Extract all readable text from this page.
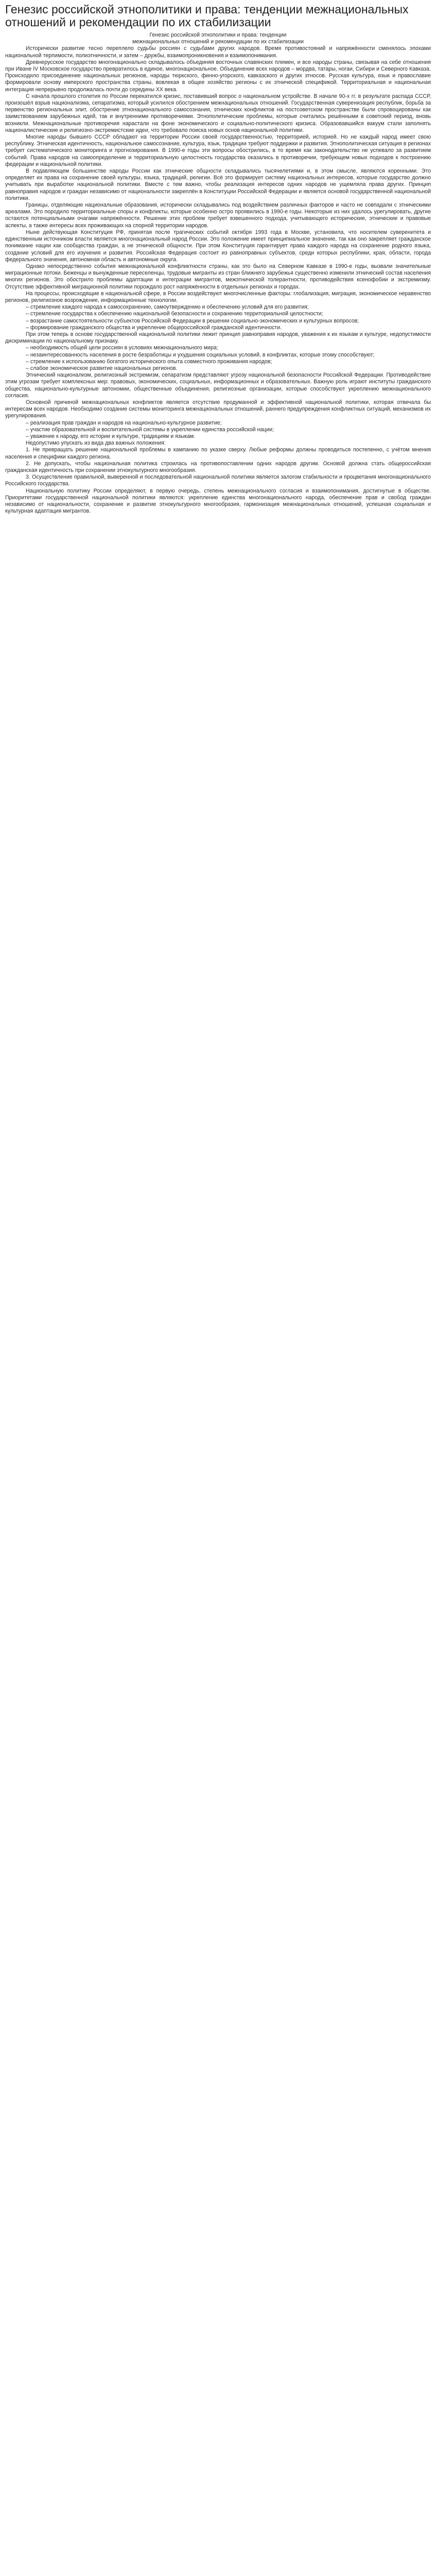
Генезис российской этнополитики и права: тенденции межнациональных отношений и рекомендации по их стабилизации
Генезис российской этнополитики и права: тенденции
межнациональных отношений и рекомендации по их стабилизации

Исторически развитие тесно переплело судьбы россиян с судьбами других народов. Время противостояний и напряжённости сменялось эпохами национальной терпимости, полиэтничности, и затем – дружбы, взаимопроникновения и взаимопонимания.

Древнерусское государство многонационально складывалось объединяя восточных славянских племен, и все народы страны, связывая на себе отношения при Иване IV Московское государство превратилось в единое, многонациональное. Объединение всех народов – мордва, татары, ногаи, Сибири и Северного Кавказа. Происходило присоединение национальных регионов, народы тюркского, финно-угорского, кавказского и других этносов. Русская культура, язык и православие формировали основу имперского пространства страны, вовлекая в общее хозяйство регионы с их этнической спецификой. Территориальная и национальная интеграция непрерывно продолжалась почти до середины XX века.

С начала прошлого столетия по России перекатился кризис, поставивший вопрос о национальном устройстве. В начале 90-х гг. в результате распада СССР, произошёл взрыв национализма, сепаратизма, который усилился обострением межнациональных отношений. Государственная суверенизация республик, борьба за первенство региональных элит, обострение этнонационального самосознания, этнических конфликтов на постсоветском пространстве были спровоцированы как заимствованием зарубежных идей, так и внутренними противоречиями. Этнополитические проблемы, которые считались решёнными в советский период, вновь возникли. Межнациональные противоречия нарастали на фоне экономического и социально-политического кризиса. Образовавшийся вакуум стали заполнять националистические и религиозно-экстремистские идеи, что требовало поиска новых основ национальной политики.

Многие народы бывшего СССР обладают на территории России своей государственностью, территорией, историей. Но не каждый народ имеет свою республику. Этническая идентичность, национальное самосознание, культура, язык, традиции требуют поддержки и развития. Этнополитическая ситуация в регионах требует систематического мониторинга и прогнозирования. В 1990-е годы эти вопросы обострились, в то время как законодательство не успевало за развитием событий. Права народов на самоопределение и территориальную целостность государства оказались в противоречии, требующем новых подходов к построению федерации и национальной политики.

В подавляющем большинстве народы России как этнические общности складывались тысячелетиями и, в этом смысле, являются коренными. Это определяет их права на сохранение своей культуры, языка, традиций, религии. Всё это формирует систему национальных интересов, которые государство должно учитывать при выработке национальной политики. Вместе с тем важно, чтобы реализация интересов одних народов не ущемляла права других. Принцип равноправия народов и граждан независимо от национальности закреплён в Конституции Российской Федерации и является основой государственной национальной политики.

Границы, отделяющие национальные образования, исторически складывались под воздействием различных факторов и часто не совпадали с этническими ареалами. Это породило территориальные споры и конфликты, которые особенно остро проявились в 1990-е годы. Некоторые из них удалось урегулировать, другие остаются потенциальными очагами напряжённости. Решение этих проблем требует взвешенного подхода, учитывающего исторические, этнические и правовые аспекты, а также интересы всех проживающих на спорной территории народов.

Ныне действующая Конституция РФ, принятая после трагических событий октября 1993 года в Москве, установила, что носителем суверенитета и единственным источником власти является многонациональный народ России. Это положение имеет принципиальное значение, так как оно закрепляет гражданское понимание нации как сообщества граждан, а не этнической общности. При этом Конституция гарантирует права каждого народа на сохранение родного языка, создание условий для его изучения и развития. Российская Федерация состоит из равноправных субъектов, среди которых республики, края, области, города федерального значения, автономная область и автономные округа.

Однако непосредственно события межнациональной конфликтности страны, как это было на Северном Кавказе в 1990-е годы, вызвали значительные миграционные потоки. Беженцы и вынужденные переселенцы, трудовые мигранты из стран ближнего зарубежья существенно изменили этнический состав населения многих регионов. Это обострило проблемы адаптации и интеграции мигрантов, межэтнической толерантности, противодействия ксенофобии и экстремизму. Отсутствие эффективной миграционной политики порождало рост напряжённости в отдельных регионах и городах.

На процессы, происходящие в национальной сфере, в России воздействуют многочисленные факторы: глобализация, миграция, экономическое неравенство регионов, религиозное возрождение, информационные технологии.

– стремление каждого народа к самосохранению, самоутверждению и обеспечению условий для его развития;

– стремление государства к обеспечению национальной безопасности и сохранению территориальной целостности;

– возрастание самостоятельности субъектов Российской Федерации в решении социально-экономических и культурных вопросов;

– формирование гражданского общества и укрепление общероссийской гражданской идентичности.

При этом теперь в основе государственной национальной политики лежит принцип равноправия народов, уважения к их языкам и культуре, недопустимости дискриминации по национальному признаку.

– необходимость общей цели россиян в условиях межнационального мира;

– незаинтересованность населения в росте безработицы и ухудшения социальных условий, в конфликтах, которые этому способствуют;

– стремление к использованию богатого исторического опыта совместного проживания народов;

– слабое экономическое развитие национальных регионов.

Этнический национализм, религиозный экстремизм, сепаратизм представляют угрозу национальной безопасности Российской Федерации. Противодействие этим угрозам требует комплексных мер: правовых, экономических, социальных, информационных и образовательных. Важную роль играют институты гражданского общества, национально-культурные автономии, общественные объединения, религиозные организации, которые способствуют укреплению межнационального согласия.

Основной причиной межнациональных конфликтов является отсутствие продуманной и эффективной национальной политики, которая отвечала бы интересам всех народов. Необходимо создание системы мониторинга межнациональных отношений, раннего предупреждения конфликтных ситуаций, механизмов их урегулирования.

– реализация прав граждан и народов на национально-культурное развитие;

– участие образовательной и воспитательной системы в укреплении единства российской нации;

– уважение к народу, его истории и культуре, традициям и языкам.

Недопустимо упускать из вида два важных положения:

1. Не превращать решение национальной проблемы в кампанию по указке сверху. Любые реформы должны проводиться постепенно, с учётом мнения населения и специфики каждого региона.

2. Не допускать, чтобы национальная политика строилась на противопоставлении одних народов другим. Основой должна стать общероссийская гражданская идентичность при сохранении этнокультурного многообразия.

3. Осуществление правильной, выверенной и последовательной национальной политики является залогом стабильности и процветания многонационального Российского государства.

Национальную политику России определяют, в первую очередь, степень межнационального согласия и взаимопонимания, достигнутые в обществе. Приоритетами государственной национальной политики являются: укрепление единства многонационального народа, обеспечение прав и свобод граждан независимо от национальности, сохранение и развитие этнокультурного многообразия, гармонизация межнациональных отношений, успешная социальная и культурная адаптация мигрантов.
